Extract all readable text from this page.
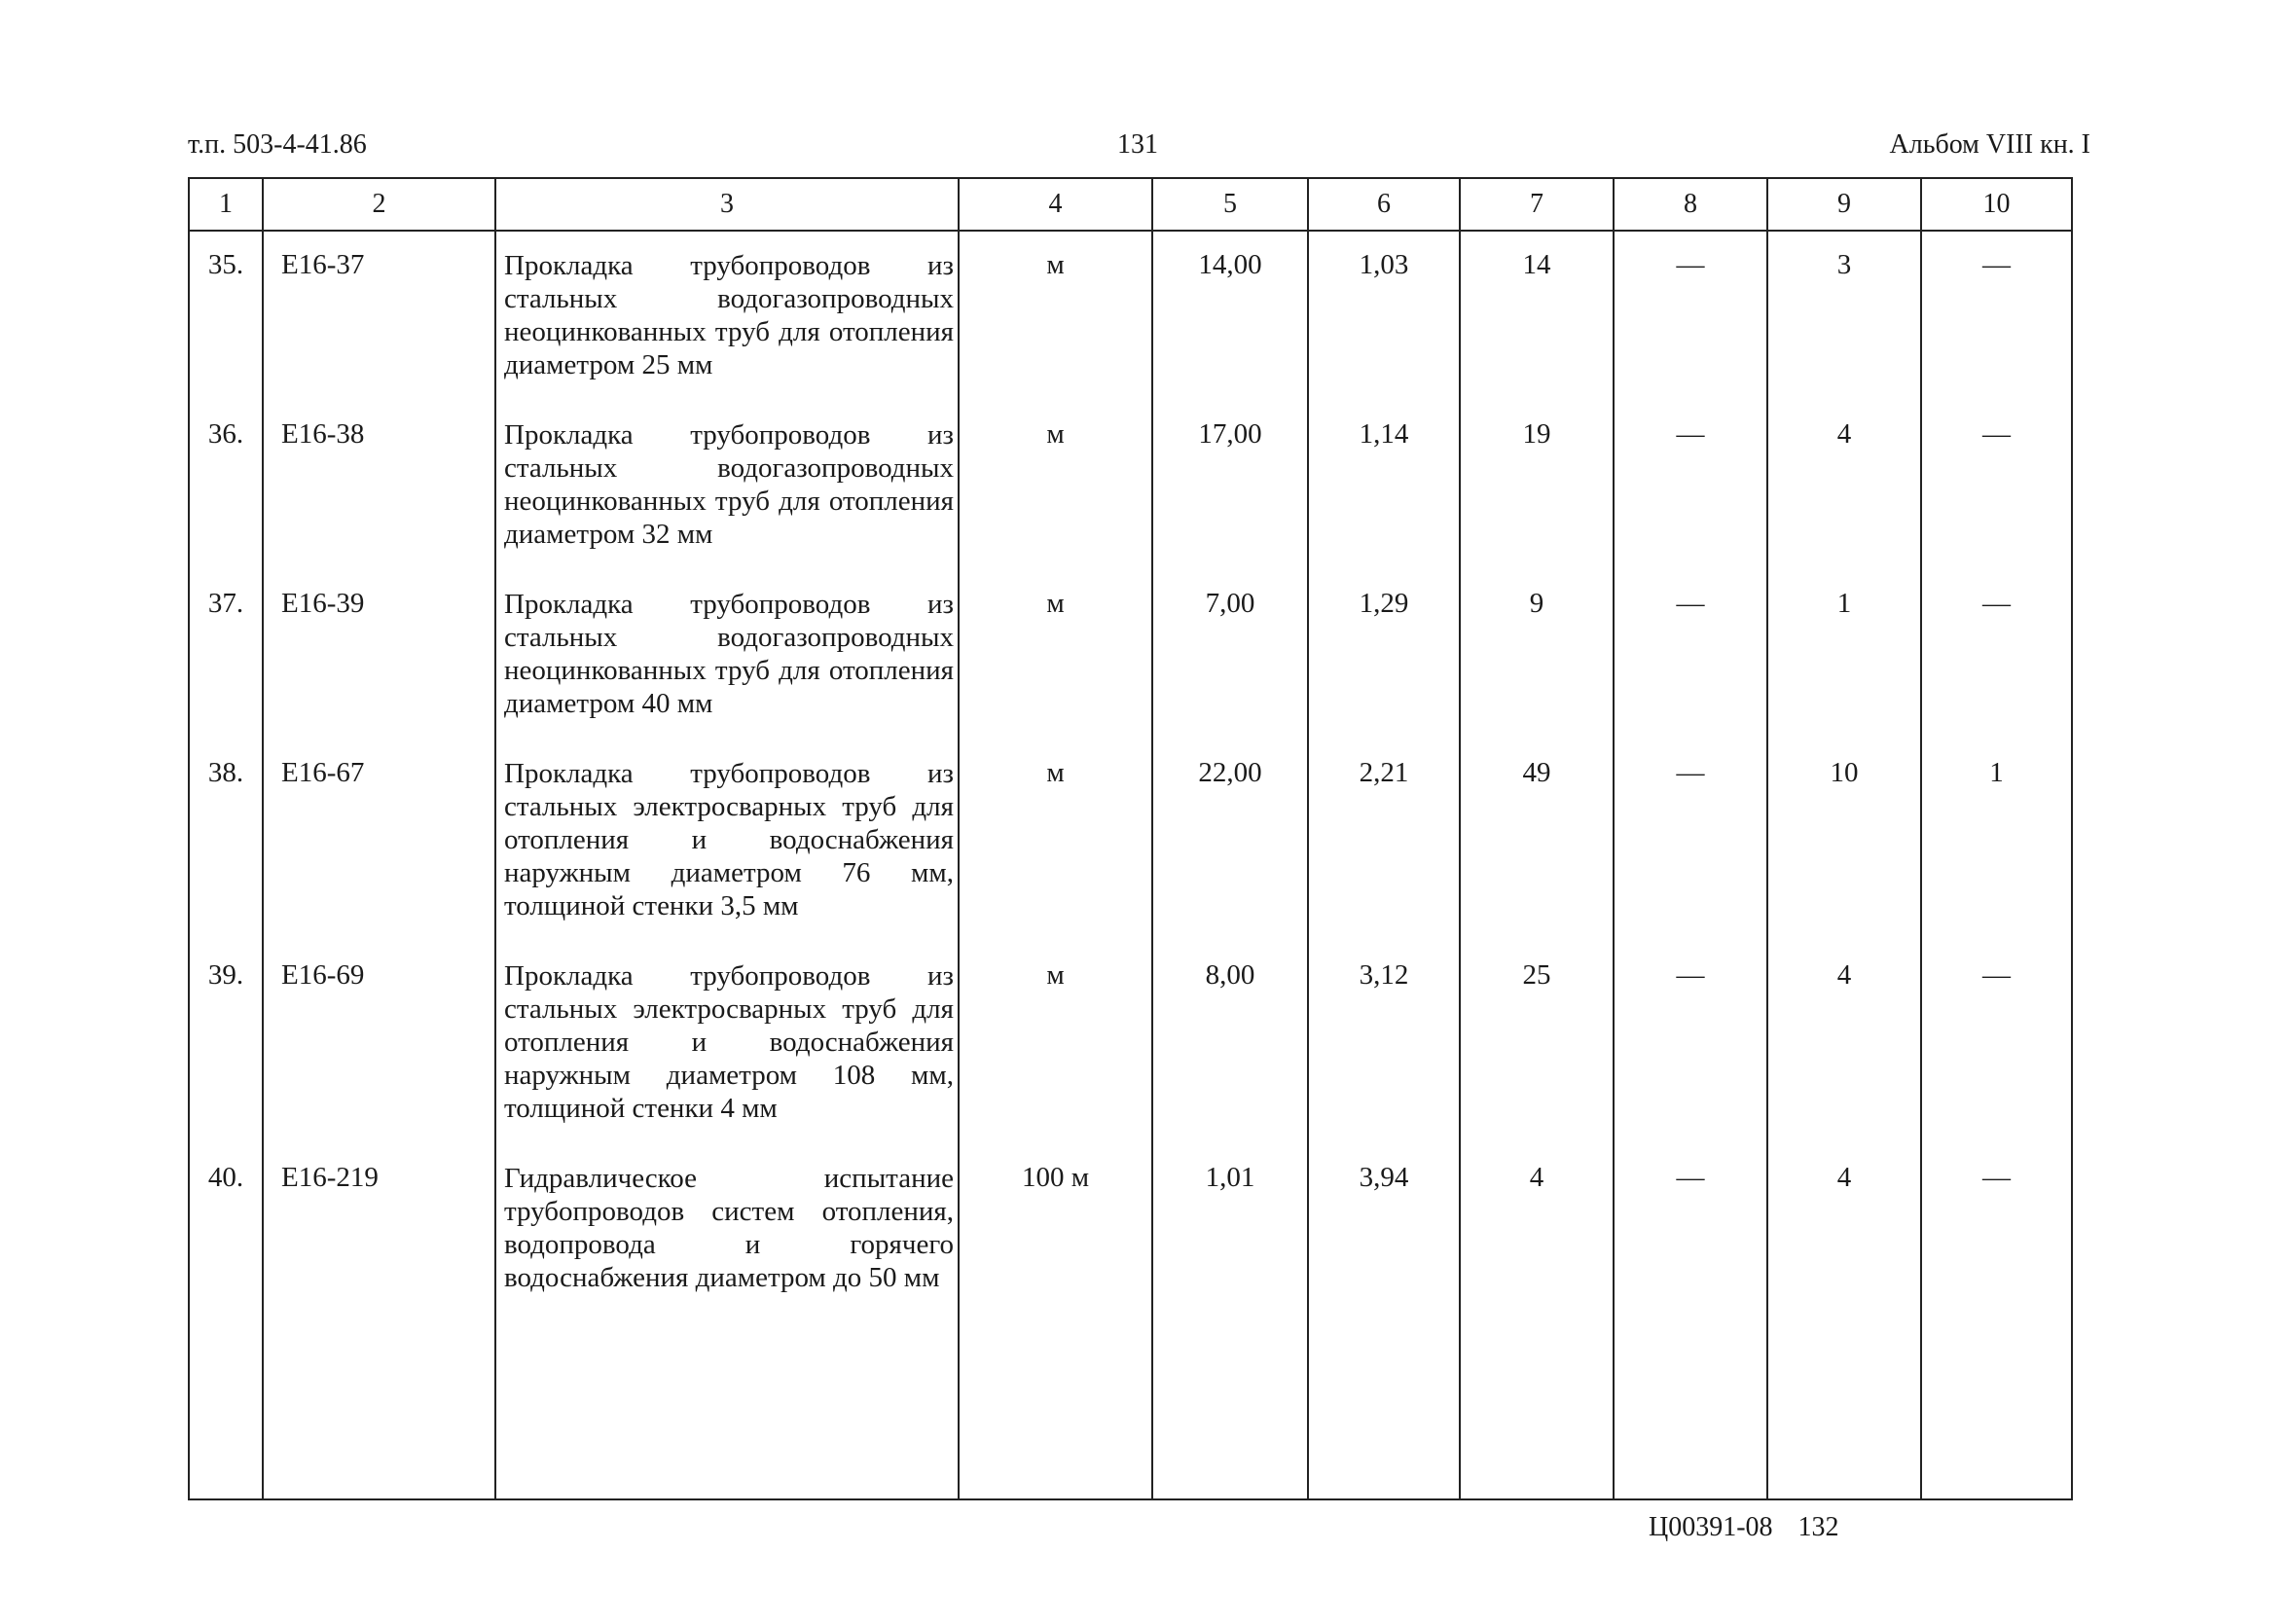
т.п. 503-4-41.86	131	Альбом VIII кн. I
1	2	3	4	5	6	7	8	9	10
35.	Е16-37	Прокладка трубопроводов из стальных водогазопроводных неоцинкованных труб для отопления диаметром 25 мм	м	14,00	1,03	14	—	3	—
36.	Е16-38	Прокладка трубопроводов из стальных водогазопроводных неоцинкованных труб для отопления диаметром 32 мм	м	17,00	1,14	19	—	4	—
37.	Е16-39	Прокладка трубопроводов из стальных водогазопроводных неоцинкованных труб для отопления диаметром 40 мм	м	7,00	1,29	9	—	1	—
38.	Е16-67	Прокладка трубопроводов из стальных электросварных труб для отопления и водоснабжения наружным диаметром 76 мм, толщиной стенки 3,5 мм	м	22,00	2,21	49	—	10	1
39.	Е16-69	Прокладка трубопроводов из стальных электросварных труб для отопления и водоснабжения наружным диаметром 108 мм, толщиной стенки 4 мм	м	8,00	3,12	25	—	4	—
40.	Е16-219	Гидравлическое испытание трубопроводов систем отопления, водопровода и горячего водоснабжения диаметром до 50 мм	100 м	1,01	3,94	4	—	4	—

Ц00391-08 132
